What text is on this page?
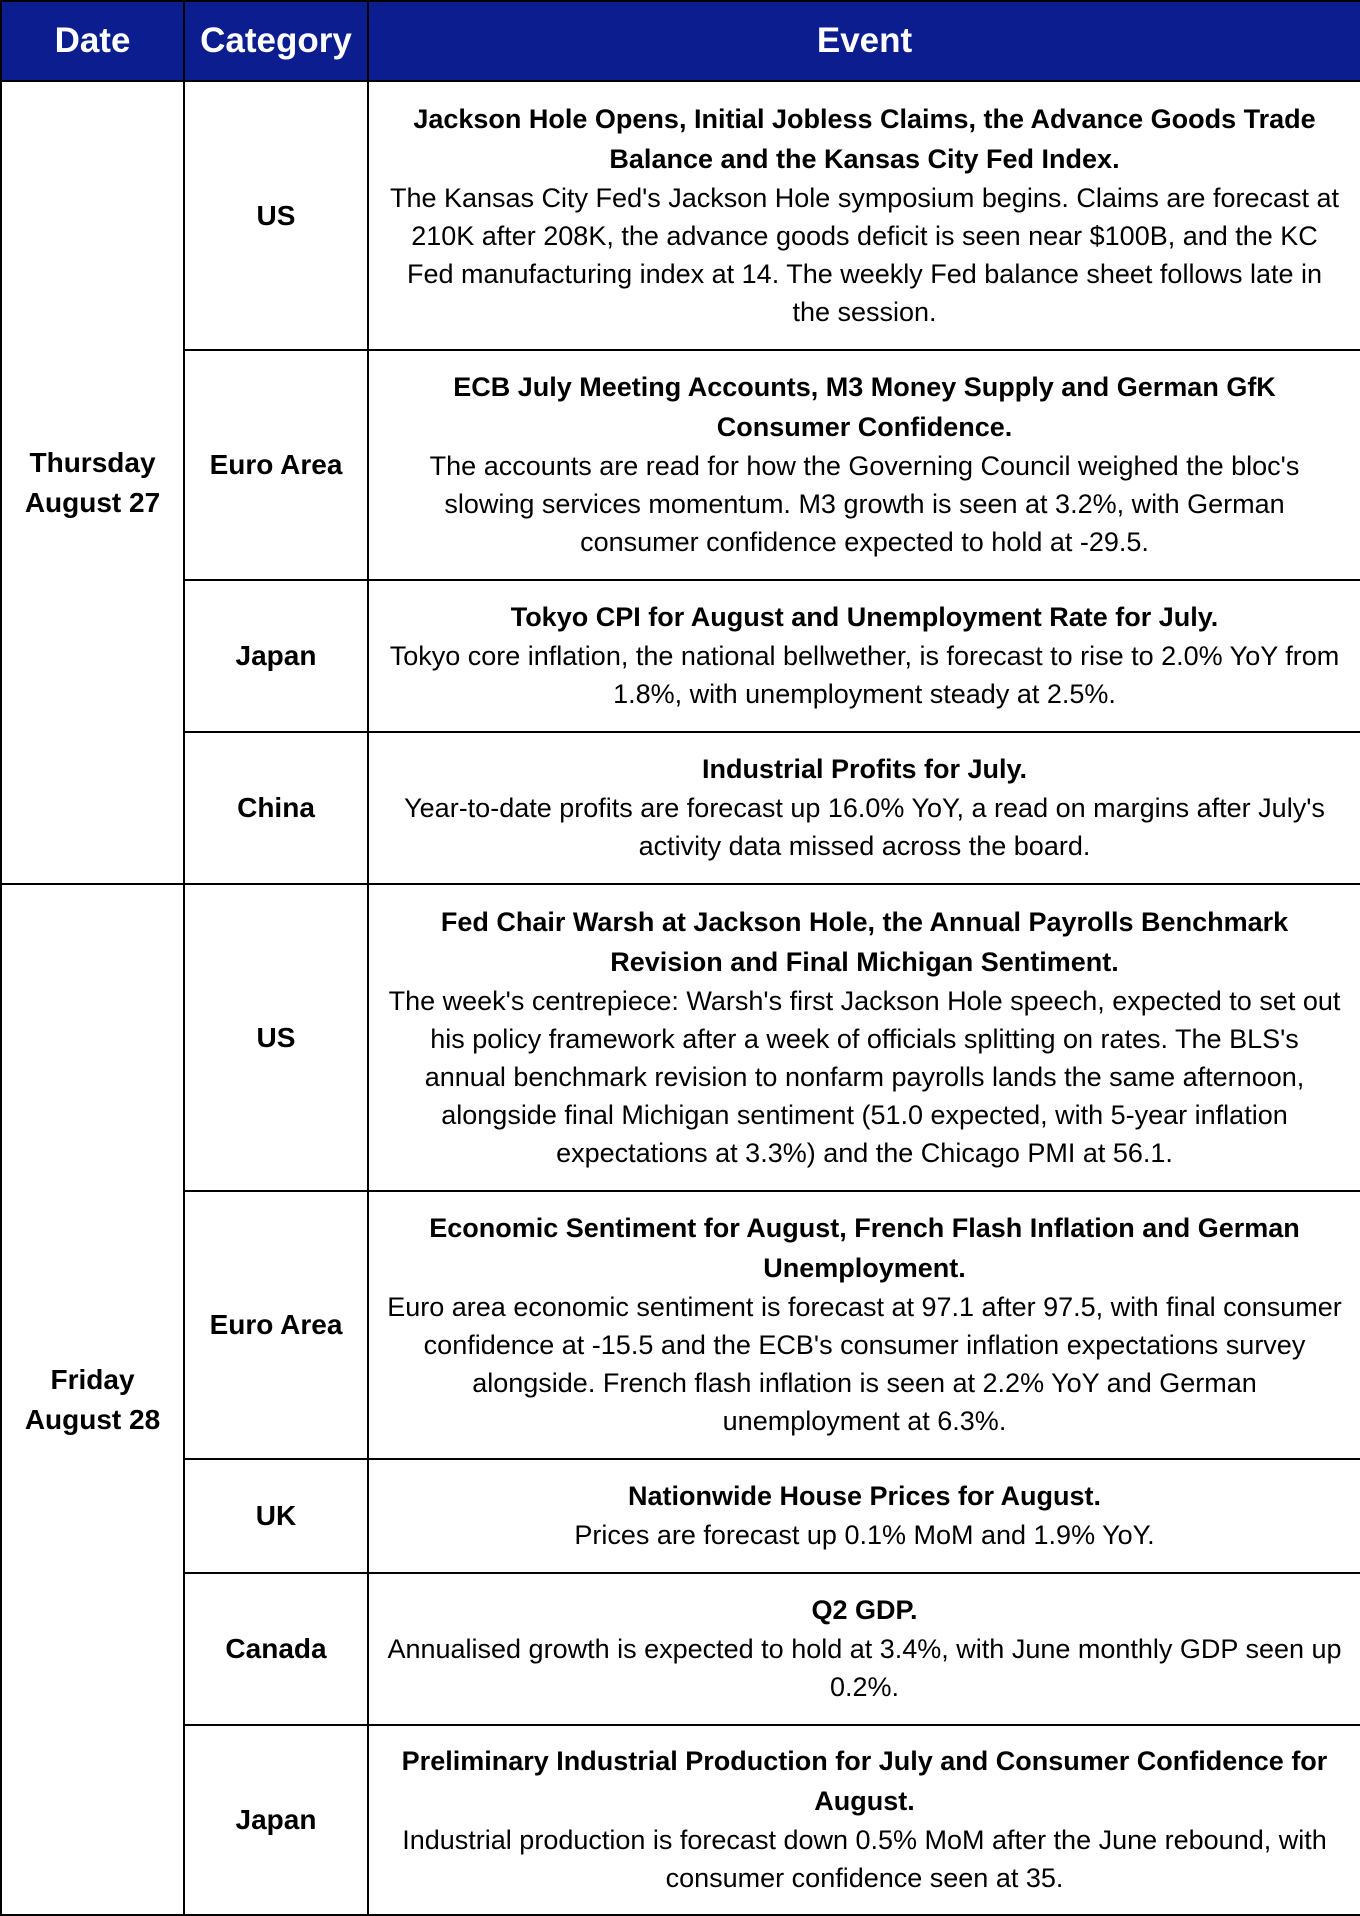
Date	Category	Event

Thursday
August 27	US	Jackson Hole Opens, Initial Jobless Claims, the Advance Goods Trade Balance and the Kansas City Fed Index.
The Kansas City Fed's Jackson Hole symposium begins. Claims are forecast at 210K after 208K, the advance goods deficit is seen near $100B, and the KC Fed manufacturing index at 14. The weekly Fed balance sheet follows late in the session.

	Euro Area	ECB July Meeting Accounts, M3 Money Supply and German GfK Consumer Confidence.
The accounts are read for how the Governing Council weighed the bloc's slowing services momentum. M3 growth is seen at 3.2%, with German consumer confidence expected to hold at -29.5.

	Japan	Tokyo CPI for August and Unemployment Rate for July.
Tokyo core inflation, the national bellwether, is forecast to rise to 2.0% YoY from 1.8%, with unemployment steady at 2.5%.

	China	Industrial Profits for July.
Year-to-date profits are forecast up 16.0% YoY, a read on margins after July's activity data missed across the board.

Friday
August 28	US	Fed Chair Warsh at Jackson Hole, the Annual Payrolls Benchmark Revision and Final Michigan Sentiment.
The week's centrepiece: Warsh's first Jackson Hole speech, expected to set out his policy framework after a week of officials splitting on rates. The BLS's annual benchmark revision to nonfarm payrolls lands the same afternoon, alongside final Michigan sentiment (51.0 expected, with 5-year inflation expectations at 3.3%) and the Chicago PMI at 56.1.

	Euro Area	Economic Sentiment for August, French Flash Inflation and German Unemployment.
Euro area economic sentiment is forecast at 97.1 after 97.5, with final consumer confidence at -15.5 and the ECB's consumer inflation expectations survey alongside. French flash inflation is seen at 2.2% YoY and German unemployment at 6.3%.

	UK	Nationwide House Prices for August.
Prices are forecast up 0.1% MoM and 1.9% YoY.

	Canada	Q2 GDP.
Annualised growth is expected to hold at 3.4%, with June monthly GDP seen up 0.2%.

	Japan	Preliminary Industrial Production for July and Consumer Confidence for August.
Industrial production is forecast down 0.5% MoM after the June rebound, with consumer confidence seen at 35.
